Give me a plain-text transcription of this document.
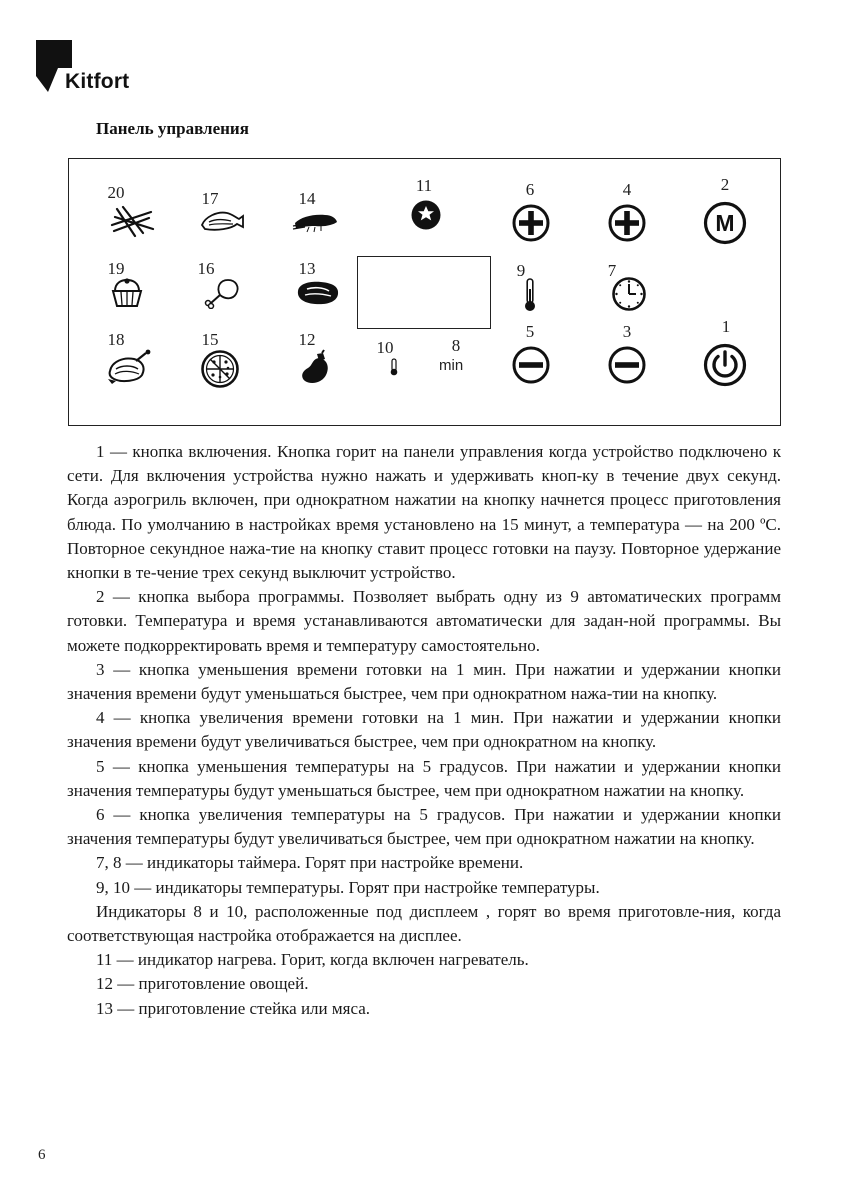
Kitfort
Панель управления
20	17	14
11	6	4	2
M
19	16	13	9	7
18	15	12	10	8
5	3	1
min

1 — кнопка включения. Кнопка горит на панели управления когда устройство подключено к сети. Для включения устройства нужно нажать и удерживать кноп-ку в течение двух секунд. Когда аэрогриль включен, при однократном нажатии на кнопку начнется процесс приготовления блюда. По умолчанию в настройках время установлено на 15 минут, а температура — на 200 ºС. Повторное секундное нажа-тие на кнопку ставит процесс готовки на паузу. Повторное удержание кнопки в те-чение трех секунд выключит устройство.

2 — кнопка выбора программы. Позволяет выбрать одну из 9 автоматических программ готовки. Температура и время устанавливаются автоматически для задан-ной программы. Вы можете подкорректировать время и температуру самостоятельно.

3 — кнопка уменьшения времени готовки на 1 мин. При нажатии и удержании кнопки значения времени будут уменьшаться быстрее, чем при однократном нажа-тии на кнопку.

4 — кнопка увеличения времени готовки на 1 мин. При нажатии и удержании кнопки значения времени будут увеличиваться быстрее, чем при однократном на кнопку.

5 — кнопка уменьшения температуры на 5 градусов. При нажатии и удержании кнопки значения температуры будут уменьшаться быстрее, чем при однократном нажатии на кнопку.

6 — кнопка увеличения температуры на 5 градусов. При нажатии и удержании кнопки значения температуры будут увеличиваться быстрее, чем при однократном нажатии на кнопку.

7, 8 — индикаторы таймера. Горят при настройке времени.

9, 10 — индикаторы температуры. Горят при настройке температуры.

Индикаторы 8 и 10, расположенные под дисплеем , горят во время приготовле-ния, когда соответствующая настройка отображается на дисплее.

11 — индикатор нагрева. Горит, когда включен нагреватель.

12 — приготовление овощей.

13 — приготовление стейка или мяса.

6
